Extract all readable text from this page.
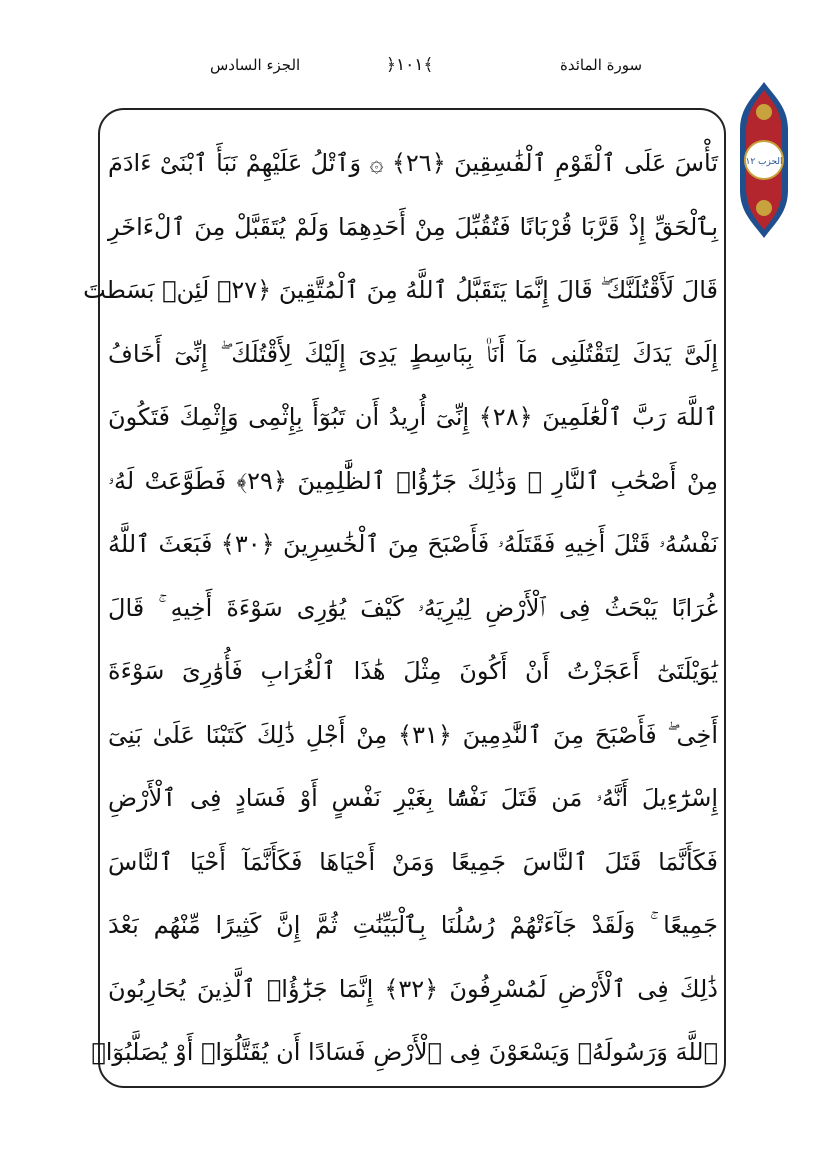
الجزء السادس	﴾١٠١﴿	سورة المائدة
الحزب ١٢
تَأْسَ عَلَى ٱلْقَوْمِ ٱلْفَٰسِقِينَ ﴿٢٦﴾ ۞ وَٱتْلُ عَلَيْهِمْ نَبَأَ ٱبْنَىْ ءَادَمَ
بِٱلْحَقِّ إِذْ قَرَّبَا قُرْبَانًا فَتُقُبِّلَ مِنْ أَحَدِهِمَا وَلَمْ يُتَقَبَّلْ مِنَ ٱلْءَاخَرِ
قَالَ لَأَقْتُلَنَّكَ ۖ قَالَ إِنَّمَا يَتَقَبَّلُ ٱللَّهُ مِنَ ٱلْمُتَّقِينَ ﴿٢٧﴾ لَئِنۢ بَسَطتَ
إِلَىَّ يَدَكَ لِتَقْتُلَنِى مَآ أَنَا۠ بِبَاسِطٍ يَدِىَ إِلَيْكَ لِأَقْتُلَكَ ۖ إِنِّىٓ أَخَافُ
ٱللَّهَ رَبَّ ٱلْعَٰلَمِينَ ﴿٢٨﴾ إِنِّىٓ أُرِيدُ أَن تَبُوٓأَ بِإِثْمِى وَإِثْمِكَ فَتَكُونَ
مِنْ أَصْحَٰبِ ٱلنَّارِ ۚ وَذَٰلِكَ جَزَٰٓؤُا۟ ٱلظَّٰلِمِينَ ﴿٢٩﴾ فَطَوَّعَتْ لَهُۥ
نَفْسُهُۥ قَتْلَ أَخِيهِ فَقَتَلَهُۥ فَأَصْبَحَ مِنَ ٱلْخَٰسِرِينَ ﴿٣٠﴾ فَبَعَثَ ٱللَّهُ
غُرَابًا يَبْحَثُ فِى ٱلْأَرْضِ لِيُرِيَهُۥ كَيْفَ يُوَٰرِى سَوْءَةَ أَخِيهِ ۚ قَالَ
يَٰوَيْلَتَىٰٓ أَعَجَزْتُ أَنْ أَكُونَ مِثْلَ هَٰذَا ٱلْغُرَابِ فَأُوَٰرِىَ سَوْءَةَ
أَخِى ۖ فَأَصْبَحَ مِنَ ٱلنَّٰدِمِينَ ﴿٣١﴾ مِنْ أَجْلِ ذَٰلِكَ كَتَبْنَا عَلَىٰ بَنِىٓ
إِسْرَٰٓءِيلَ أَنَّهُۥ مَن قَتَلَ نَفْسًۢا بِغَيْرِ نَفْسٍ أَوْ فَسَادٍ فِى ٱلْأَرْضِ
فَكَأَنَّمَا قَتَلَ ٱلنَّاسَ جَمِيعًا وَمَنْ أَحْيَاهَا فَكَأَنَّمَآ أَحْيَا ٱلنَّاسَ
جَمِيعًا ۚ وَلَقَدْ جَآءَتْهُمْ رُسُلُنَا بِٱلْبَيِّنَٰتِ ثُمَّ إِنَّ كَثِيرًا مِّنْهُم بَعْدَ
ذَٰلِكَ فِى ٱلْأَرْضِ لَمُسْرِفُونَ ﴿٣٢﴾ إِنَّمَا جَزَٰٓؤُا۟ ٱلَّذِينَ يُحَارِبُونَ
ٱللَّهَ وَرَسُولَهُۥ وَيَسْعَوْنَ فِى ٱلْأَرْضِ فَسَادًا أَن يُقَتَّلُوٓا۟ أَوْ يُصَلَّبُوٓا۟
